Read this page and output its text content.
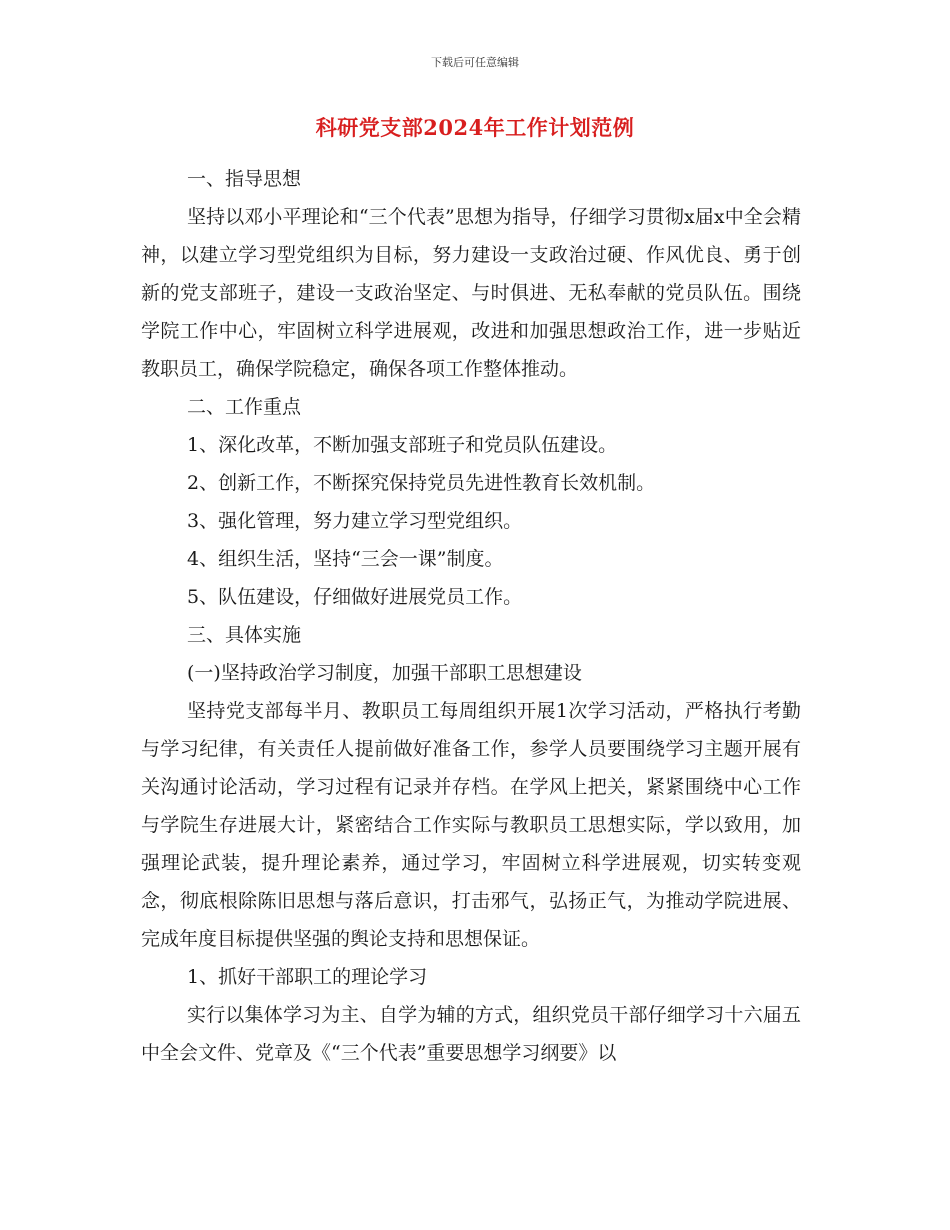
下载后可任意编辑
科研党支部2024年工作计划范例

一、指导思想

坚持以邓小平理论和“三个代表”思想为指导，仔细学习贯彻x届x中全会精神，以建立学习型党组织为目标，努力建设一支政治过硬、作风优良、勇于创新的党支部班子，建设一支政治坚定、与时俱进、无私奉献的党员队伍。围绕学院工作中心，牢固树立科学进展观，改进和加强思想政治工作，进一步贴近教职员工，确保学院稳定，确保各项工作整体推动。

二、工作重点

1、深化改革，不断加强支部班子和党员队伍建设。

2、创新工作，不断探究保持党员先进性教育长效机制。

3、强化管理，努力建立学习型党组织。

4、组织生活，坚持“三会一课”制度。

5、队伍建设，仔细做好进展党员工作。

三、具体实施

(一)坚持政治学习制度，加强干部职工思想建设

坚持党支部每半月、教职员工每周组织开展1次学习活动，严格执行考勤与学习纪律，有关责任人提前做好准备工作，参学人员要围绕学习主题开展有关沟通讨论活动，学习过程有记录并存档。在学风上把关，紧紧围绕中心工作与学院生存进展大计，紧密结合工作实际与教职员工思想实际，学以致用，加强理论武装，提升理论素养，通过学习，牢固树立科学进展观，切实转变观念，彻底根除陈旧思想与落后意识，打击邪气，弘扬正气，为推动学院进展、完成年度目标提供坚强的舆论支持和思想保证。

1、抓好干部职工的理论学习

实行以集体学习为主、自学为辅的方式，组织党员干部仔细学习十六届五中全会文件、党章及《“三个代表”重要思想学习纲要》以
